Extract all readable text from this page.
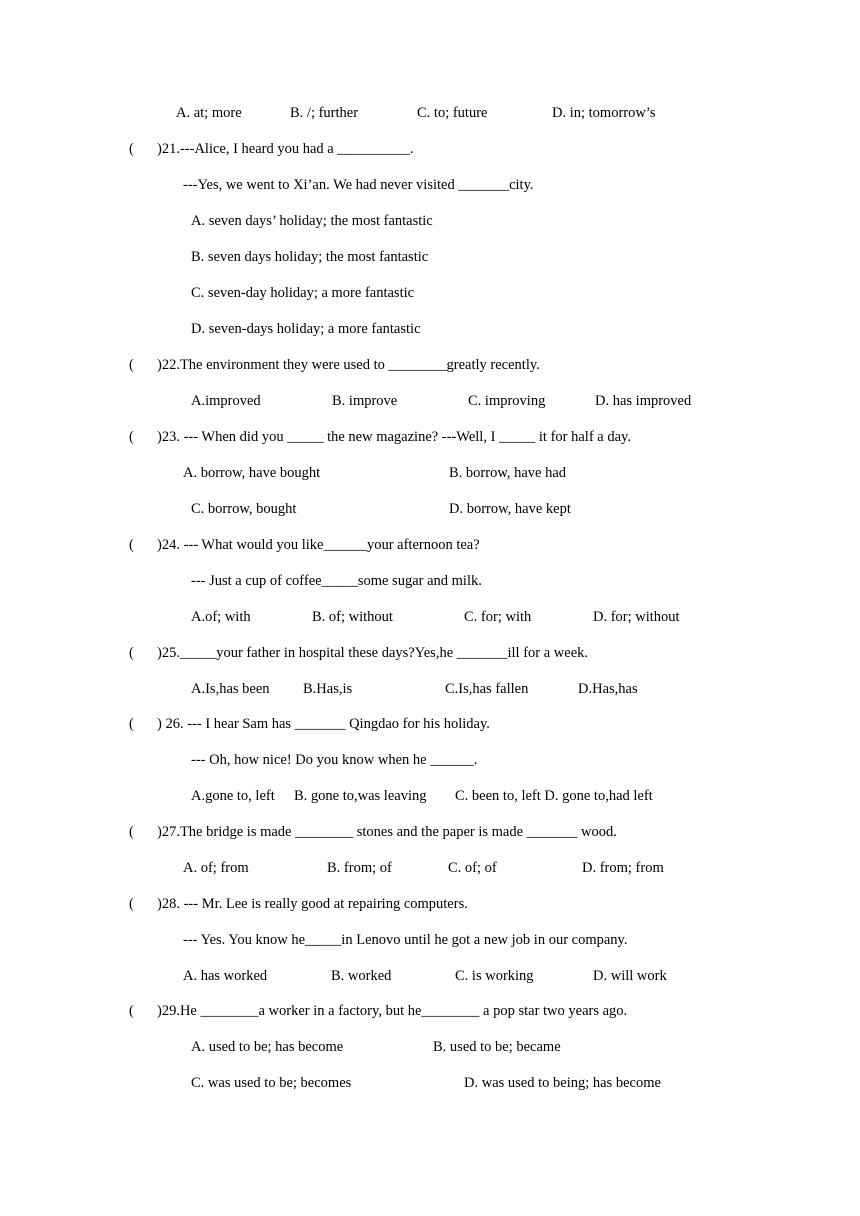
A. at; more	B. /; further	C. to; future	D. in; tomorrow’s
( )21.---Alice, I heard you had a __________.
---Yes, we went to Xi’an. We had never visited _______city.
A. seven days’ holiday; the most fantastic
B. seven days holiday; the most fantastic
C. seven-day holiday; a more fantastic
D. seven-days holiday; a more fantastic
( )22.The environment they were used to ________greatly recently.
A.improved	B. improve	C. improving	D. has improved
( )23. --- When did you _____ the new magazine? ---Well, I _____ it for half a day.
A. borrow, have bought	B. borrow, have had
C. borrow, bought	D. borrow, have kept
( )24. --- What would you like______your afternoon tea?
--- Just a cup of coffee_____some sugar and milk.
A.of; with	B. of; without	C. for; with	D. for; without
( )25._____your father in hospital these days?Yes,he _______ill for a week.
A.Is,has been B.Has,is	C.Is,has fallen	D.Has,has
( ) 26. --- I hear Sam has _______ Qingdao for his holiday.
--- Oh, how nice! Do you know when he ______.
A.gone to, left B. gone to,was leaving C. been to, left D. gone to,had left
( )27.The bridge is made ________ stones and the paper is made _______ wood.
A. of; from	B. from; of	C. of; of	D. from; from
( )28. --- Mr. Lee is really good at repairing computers.
--- Yes. You know he_____in Lenovo until he got a new job in our company.
A. has worked	B. worked	C. is working	D. will work
( )29.He ________a worker in a factory, but he________ a pop star two years ago.
A. used to be; has become	B. used to be; became
C. was used to be; becomes	D. was used to being; has become
